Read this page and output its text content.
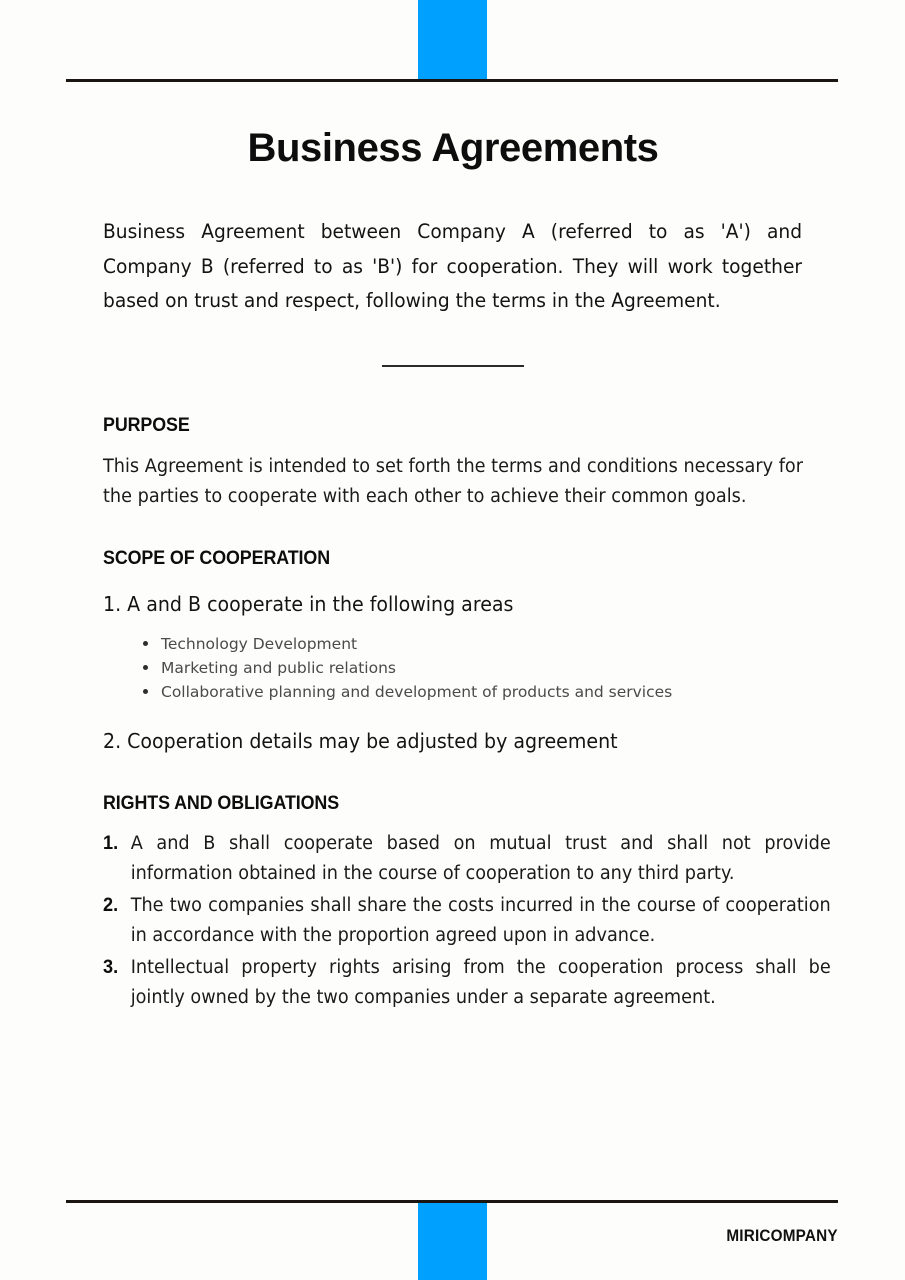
Business Agreements

Business Agreement between Company A (referred to as 'A') and Company B (referred to as 'B') for cooperation. They will work together based on trust and respect, following the terms in the Agreement.

PURPOSE

This Agreement is intended to set forth the terms and conditions necessary for the parties to cooperate with each other to achieve their common goals.

SCOPE OF COOPERATION

1. A and B cooperate in the following areas

Technology Development
Marketing and public relations
Collaborative planning and development of products and services

2. Cooperation details may be adjusted by agreement

RIGHTS AND OBLIGATIONS
1. A and B shall cooperate based on mutual trust and shall not provide information obtained in the course of cooperation to any third party.
2. The two companies shall share the costs incurred in the course of cooperation in accordance with the proportion agreed upon in advance.
3. Intellectual property rights arising from the cooperation process shall be jointly owned by the two companies under a separate agreement.
MIRICOMPANY
